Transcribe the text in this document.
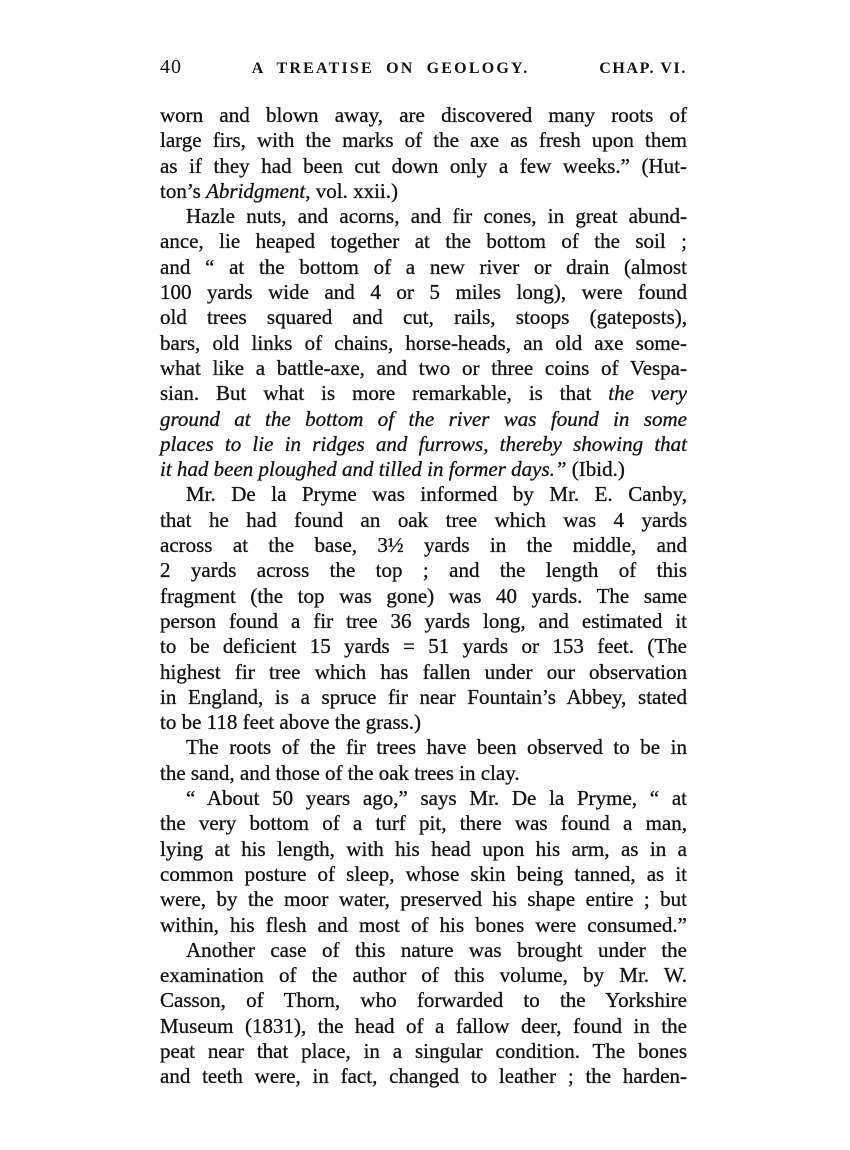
40	A TREATISE ON GEOLOGY.	CHAP. VI.
worn and blown away, are discovered many roots of
large firs, with the marks of the axe as fresh upon them
as if they had been cut down only a few weeks.” (Hut-
ton’s Abridgment, vol. xxii.)
Hazle nuts, and acorns, and fir cones, in great abund-
ance, lie heaped together at the bottom of the soil ;
and “ at the bottom of a new river or drain (almost
100 yards wide and 4 or 5 miles long), were found
old trees squared and cut, rails, stoops (gateposts),
bars, old links of chains, horse-heads, an old axe some-
what like a battle-axe, and two or three coins of Vespa-
sian. But what is more remarkable, is that the very
ground at the bottom of the river was found in some
places to lie in ridges and furrows, thereby showing that
it had been ploughed and tilled in former days.” (Ibid.)
Mr. De la Pryme was informed by Mr. E. Canby,
that he had found an oak tree which was 4 yards
across at the base, 3½ yards in the middle, and
2 yards across the top ; and the length of this
fragment (the top was gone) was 40 yards. The same
person found a fir tree 36 yards long, and estimated it
to be deficient 15 yards = 51 yards or 153 feet. (The
highest fir tree which has fallen under our observation
in England, is a spruce fir near Fountain’s Abbey, stated
to be 118 feet above the grass.)
The roots of the fir trees have been observed to be in
the sand, and those of the oak trees in clay.
“ About 50 years ago,” says Mr. De la Pryme, “ at
the very bottom of a turf pit, there was found a man,
lying at his length, with his head upon his arm, as in a
common posture of sleep, whose skin being tanned, as it
were, by the moor water, preserved his shape entire ; but
within, his flesh and most of his bones were consumed.”
Another case of this nature was brought under the
examination of the author of this volume, by Mr. W.
Casson, of Thorn, who forwarded to the Yorkshire
Museum (1831), the head of a fallow deer, found in the
peat near that place, in a singular condition. The bones
and teeth were, in fact, changed to leather ; the harden-
